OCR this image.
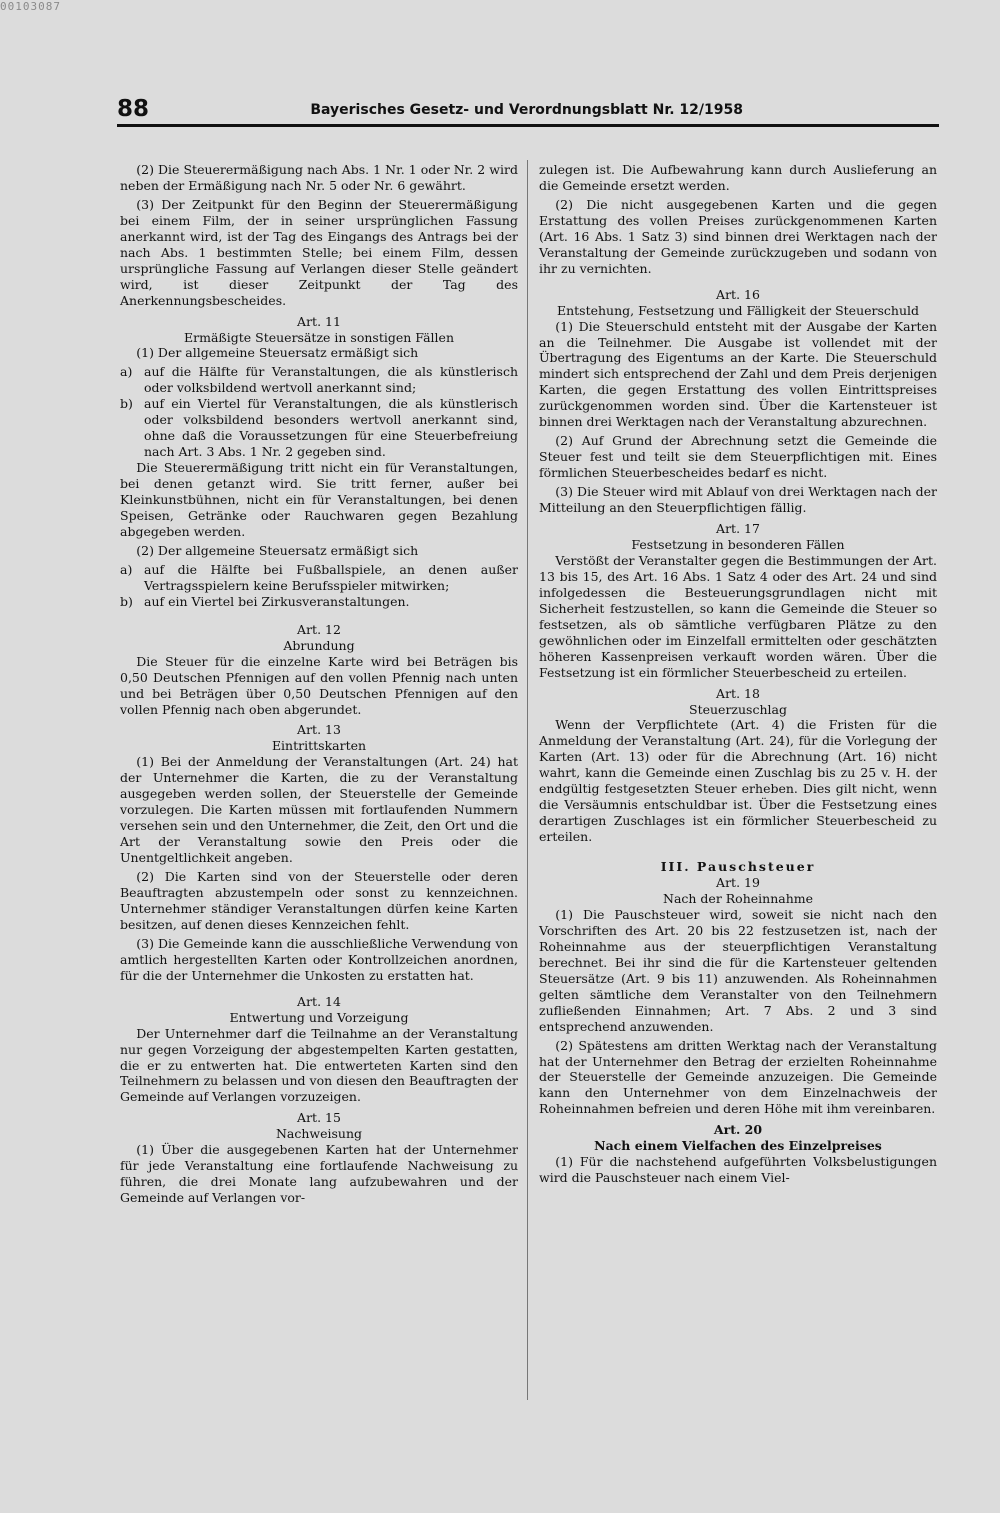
00103087
88	Bayerisches Gesetz- und Verordnungsblatt Nr. 12/1958

(2) Die Steuerermäßigung nach Abs. 1 Nr. 1 oder Nr. 2 wird neben der Ermäßigung nach Nr. 5 oder Nr. 6 gewährt.

(3) Der Zeitpunkt für den Beginn der Steuerermäßigung bei einem Film, der in seiner ursprünglichen Fassung anerkannt wird, ist der Tag des Eingangs des Antrags bei der nach Abs. 1 bestimmten Stelle; bei einem Film, dessen ursprüngliche Fassung auf Verlangen dieser Stelle geändert wird, ist dieser Zeitpunkt der Tag des Anerkennungsbescheides.

Art. 11

Ermäßigte Steuersätze in sonstigen Fällen

(1) Der allgemeine Steuersatz ermäßigt sich

a) auf die Hälfte für Veranstaltungen, die als künstlerisch oder volksbildend wertvoll anerkannt sind;

b) auf ein Viertel für Veranstaltungen, die als künstlerisch oder volksbildend besonders wertvoll anerkannt sind, ohne daß die Voraussetzungen für eine Steuerbefreiung nach Art. 3 Abs. 1 Nr. 2 gegeben sind.

Die Steuerermäßigung tritt nicht ein für Veranstaltungen, bei denen getanzt wird. Sie tritt ferner, außer bei Kleinkunstbühnen, nicht ein für Veranstaltungen, bei denen Speisen, Getränke oder Rauchwaren gegen Bezahlung abgegeben werden.

(2) Der allgemeine Steuersatz ermäßigt sich

a) auf die Hälfte bei Fußballspiele, an denen außer Vertragsspielern keine Berufsspieler mitwirken;

b) auf ein Viertel bei Zirkusveranstaltungen.

Art. 12

Abrundung

Die Steuer für die einzelne Karte wird bei Beträgen bis 0,50 Deutschen Pfennigen auf den vollen Pfennig nach unten und bei Beträgen über 0,50 Deutschen Pfennigen auf den vollen Pfennig nach oben abgerundet.

Art. 13

Eintrittskarten

(1) Bei der Anmeldung der Veranstaltungen (Art. 24) hat der Unternehmer die Karten, die zu der Veranstaltung ausgegeben werden sollen, der Steuerstelle der Gemeinde vorzulegen. Die Karten müssen mit fortlaufenden Nummern versehen sein und den Unternehmer, die Zeit, den Ort und die Art der Veranstaltung sowie den Preis oder die Unentgeltlichkeit angeben.

(2) Die Karten sind von der Steuerstelle oder deren Beauftragten abzustempeln oder sonst zu kennzeichnen. Unternehmer ständiger Veranstaltungen dürfen keine Karten besitzen, auf denen dieses Kennzeichen fehlt.

(3) Die Gemeinde kann die ausschließliche Verwendung von amtlich hergestellten Karten oder Kontrollzeichen anordnen, für die der Unternehmer die Unkosten zu erstatten hat.

Art. 14

Entwertung und Vorzeigung

Der Unternehmer darf die Teilnahme an der Veranstaltung nur gegen Vorzeigung der abgestempelten Karten gestatten, die er zu entwerten hat. Die entwerteten Karten sind den Teilnehmern zu belassen und von diesen den Beauftragten der Gemeinde auf Verlangen vorzuzeigen.

Art. 15

Nachweisung

(1) Über die ausgegebenen Karten hat der Unternehmer für jede Veranstaltung eine fortlaufende Nachweisung zu führen, die drei Monate lang aufzubewahren und der Gemeinde auf Verlangen vor-

zulegen ist. Die Aufbewahrung kann durch Auslieferung an die Gemeinde ersetzt werden.

(2) Die nicht ausgegebenen Karten und die gegen Erstattung des vollen Preises zurückgenommenen Karten (Art. 16 Abs. 1 Satz 3) sind binnen drei Werktagen nach der Veranstaltung der Gemeinde zurückzugeben und sodann von ihr zu vernichten.

Art. 16

Entstehung, Festsetzung und Fälligkeit der Steuerschuld

(1) Die Steuerschuld entsteht mit der Ausgabe der Karten an die Teilnehmer. Die Ausgabe ist vollendet mit der Übertragung des Eigentums an der Karte. Die Steuerschuld mindert sich entsprechend der Zahl und dem Preis derjenigen Karten, die gegen Erstattung des vollen Eintrittspreises zurückgenommen worden sind. Über die Kartensteuer ist binnen drei Werktagen nach der Veranstaltung abzurechnen.

(2) Auf Grund der Abrechnung setzt die Gemeinde die Steuer fest und teilt sie dem Steuerpflichtigen mit. Eines förmlichen Steuerbescheides bedarf es nicht.

(3) Die Steuer wird mit Ablauf von drei Werktagen nach der Mitteilung an den Steuerpflichtigen fällig.

Art. 17

Festsetzung in besonderen Fällen

Verstößt der Veranstalter gegen die Bestimmungen der Art. 13 bis 15, des Art. 16 Abs. 1 Satz 4 oder des Art. 24 und sind infolgedessen die Besteuerungsgrundlagen nicht mit Sicherheit festzustellen, so kann die Gemeinde die Steuer so festsetzen, als ob sämtliche verfügbaren Plätze zu den gewöhnlichen oder im Einzelfall ermittelten oder geschätzten höheren Kassenpreisen verkauft worden wären. Über die Festsetzung ist ein förmlicher Steuerbescheid zu erteilen.

Art. 18

Steuerzuschlag

Wenn der Verpflichtete (Art. 4) die Fristen für die Anmeldung der Veranstaltung (Art. 24), für die Vorlegung der Karten (Art. 13) oder für die Abrechnung (Art. 16) nicht wahrt, kann die Gemeinde einen Zuschlag bis zu 25 v. H. der endgültig festgesetzten Steuer erheben. Dies gilt nicht, wenn die Versäumnis entschuldbar ist. Über die Festsetzung eines derartigen Zuschlages ist ein förmlicher Steuerbescheid zu erteilen.

III. Pauschsteuer

Art. 19

Nach der Roheinnahme

(1) Die Pauschsteuer wird, soweit sie nicht nach den Vorschriften des Art. 20 bis 22 festzusetzen ist, nach der Roheinnahme aus der steuerpflichtigen Veranstaltung berechnet. Bei ihr sind die für die Kartensteuer geltenden Steuersätze (Art. 9 bis 11) anzuwenden. Als Roheinnahmen gelten sämtliche dem Veranstalter von den Teilnehmern zufließenden Einnahmen; Art. 7 Abs. 2 und 3 sind entsprechend anzuwenden.

(2) Spätestens am dritten Werktag nach der Veranstaltung hat der Unternehmer den Betrag der erzielten Roheinnahme der Steuerstelle der Gemeinde anzuzeigen. Die Gemeinde kann den Unternehmer von dem Einzelnachweis der Roheinnahmen befreien und deren Höhe mit ihm vereinbaren.

Art. 20

Nach einem Vielfachen des Einzelpreises

(1) Für die nachstehend aufgeführten Volksbelustigungen wird die Pauschsteuer nach einem Viel-
